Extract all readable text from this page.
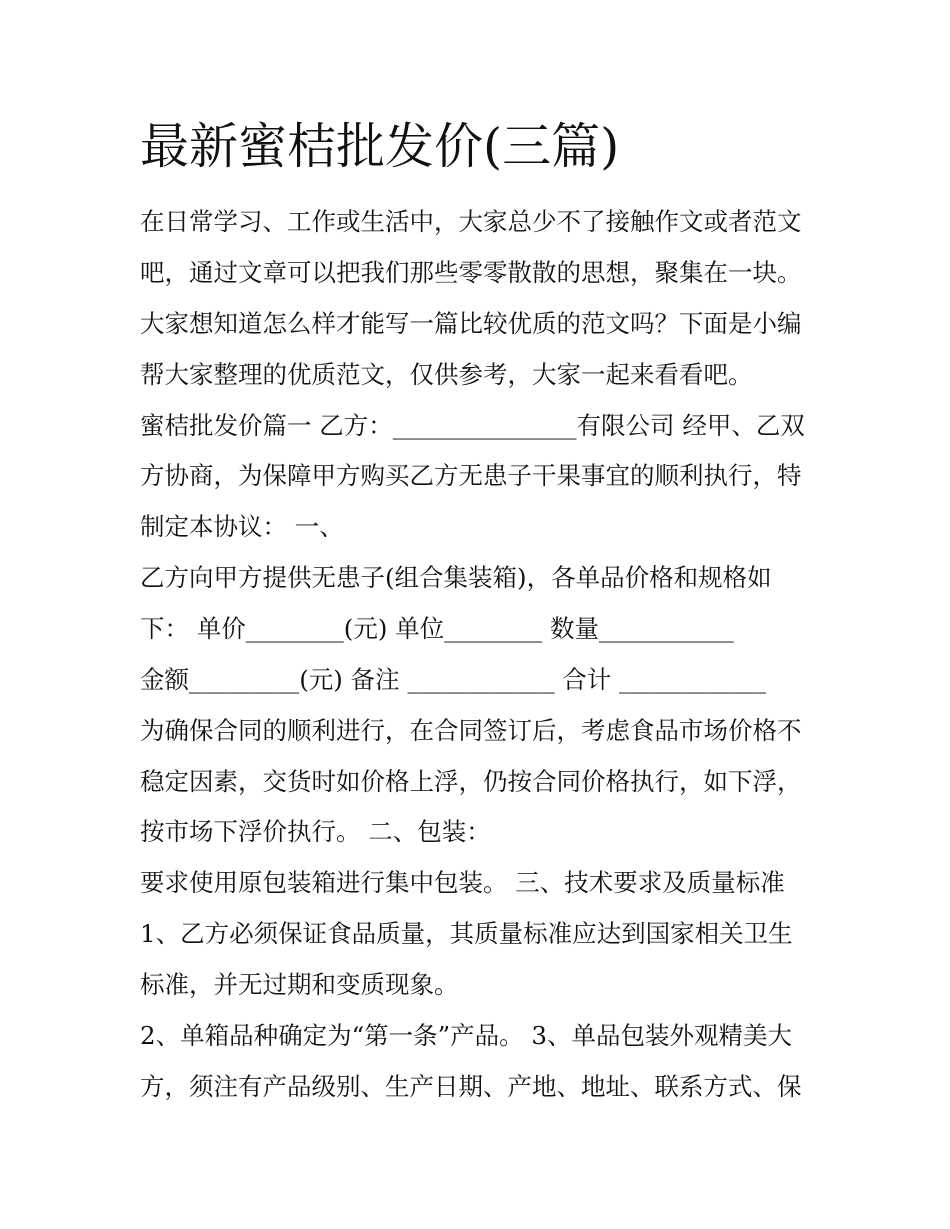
最新蜜桔批发价(三篇)

在日常学习、工作或生活中，大家总少不了接触作文或者范文

吧，通过文章可以把我们那些零零散散的思想，聚集在一块。

大家想知道怎么样才能写一篇比较优质的范文吗？下面是小编

帮大家整理的优质范文，仅供参考，大家一起来看看吧。

蜜桔批发价篇一 乙方：_______________有限公司 经甲、乙双

方协商，为保障甲方购买乙方无患子干果事宜的顺利执行，特

制定本协议： 一、

乙方向甲方提供无患子(组合集装箱)，各单品价格和规格如

下： 单价________(元) 单位________ 数量___________

金额_________(元) 备注 ____________ 合计 ____________

为确保合同的顺利进行，在合同签订后，考虑食品市场价格不

稳定因素，交货时如价格上浮，仍按合同价格执行，如下浮，

按市场下浮价执行。 二、包装：

要求使用原包装箱进行集中包装。 三、技术要求及质量标准

1、乙方必须保证食品质量，其质量标准应达到国家相关卫生

标准，并无过期和变质现象。

2、单箱品种确定为“第一条”产品。 3、单品包装外观精美大

方，须注有产品级别、生产日期、产地、地址、联系方式、保
